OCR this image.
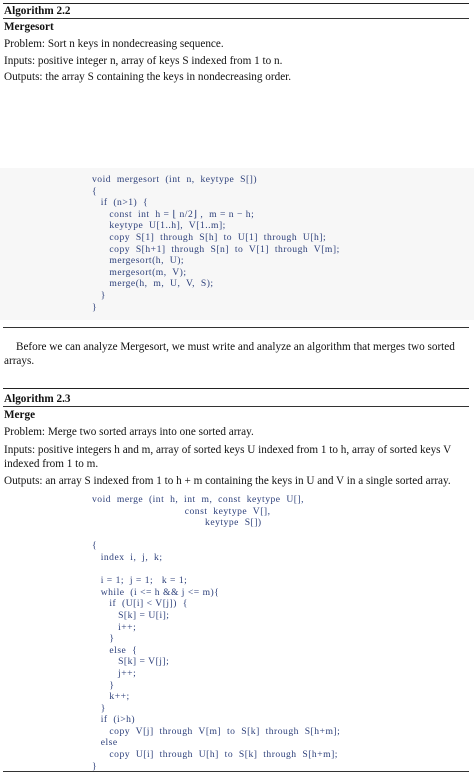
Algorithm 2.2
Mergesort
Problem: Sort n keys in nondecreasing sequence.
Inputs: positive integer n, array of keys S indexed from 1 to n.
Outputs: the array S containing the keys in nondecreasing order.
void  mergesort  (int  n,  keytype  S[])
{
if  (n>1)  {
const  int  h = ⌊ n/2⌋ ,  m = n − h;
keytype  U[1..h],  V[1..m];
copy  S[1]  through  S[h]  to  U[1]  through  U[h];
copy  S[h+1]  through  S[n]  to  V[1]  through  V[m];
mergesort(h,  U);
mergesort(m,  V);
merge(h,  m,  U,  V,  S);
}
}
Before we can analyze Mergesort, we must write and analyze an algorithm that merges two sorted arrays.
Algorithm 2.3
Merge
Problem: Merge two sorted arrays into one sorted array.
Inputs: positive integers h and m, array of sorted keys U indexed from 1 to h, array of sorted keys V
indexed from 1 to m.
Outputs: an array S indexed from 1 to h + m containing the keys in U and V in a single sorted array.
void  merge  (int  h,  int  m,  const  keytype  U[],
const  keytype  V[],
keytype  S[])
{
index  i,  j,  k;
i = 1;  j = 1;   k = 1;
while  (i <= h && j <= m){
if  (U[i] < V[j])  {
S[k] = U[i];
i++;
}
else  {
S[k] = V[j];
j++;
}
k++;
}
if  (i>h)
copy  V[j]  through  V[m]  to  S[k]  through  S[h+m];
else
copy  U[i]  through  U[h]  to  S[k]  through  S[h+m];
}
